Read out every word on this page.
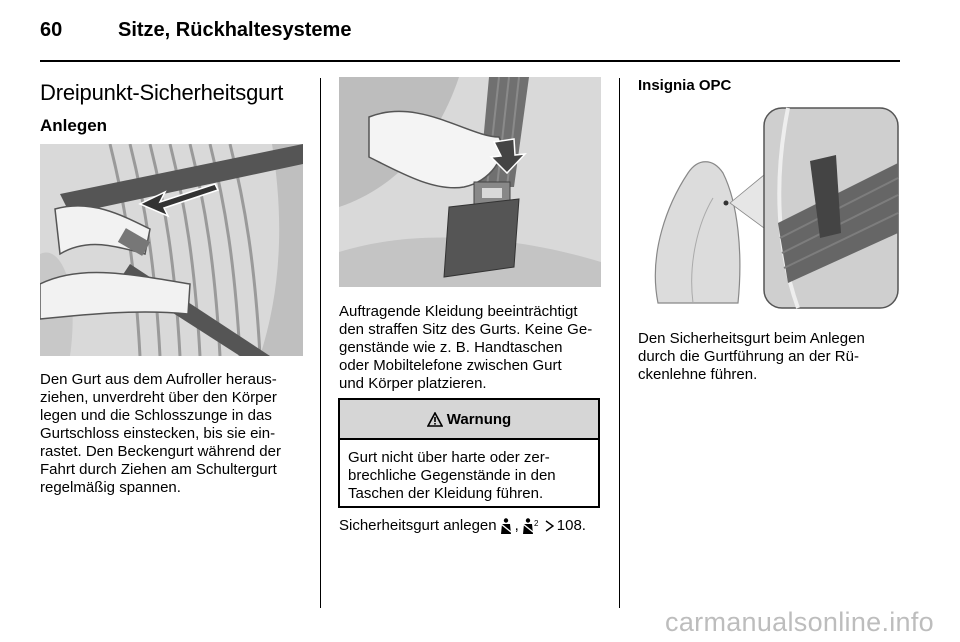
60	Sitze, Rückhaltesysteme
Dreipunkt-Sicherheitsgurt
Anlegen
Den Gurt aus dem Aufroller heraus-
ziehen, unverdreht über den Körper
legen und die Schlosszunge in das
Gurtschloss einstecken, bis sie ein-
rastet. Den Beckengurt während der
Fahrt durch Ziehen am Schultergurt
regelmäßig spannen.
Auftragende Kleidung beeinträchtigt
den straffen Sitz des Gurts. Keine Ge-
genstände wie z. B. Handtaschen
oder Mobiltelefone zwischen Gurt
und Körper platzieren.
Warnung
Gurt nicht über harte oder zer-
brechliche Gegenstände in den
Taschen der Kleidung führen.
Sicherheitsgurt anlegen , 2 108.
Insignia OPC
Den Sicherheitsgurt beim Anlegen
durch die Gurtführung an der Rü-
ckenlehne führen.
carmanualsonline.info
